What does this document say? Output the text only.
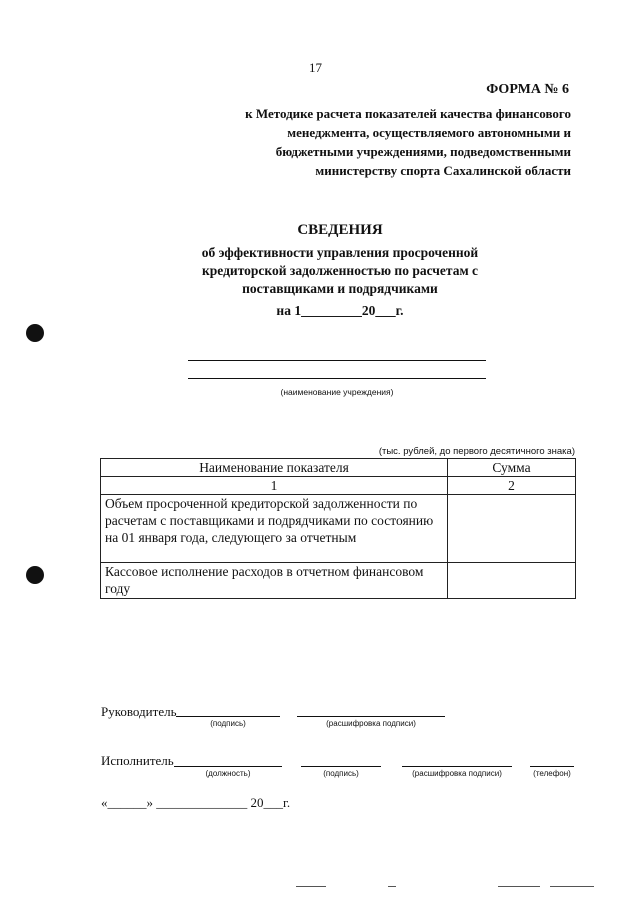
17
ФОРМА № 6
к Методике расчета показателей качества финансового
менеджмента, осуществляемого автономными и
бюджетными учреждениями, подведомственными
министерству спорта Сахалинской области
СВЕДЕНИЯ
об эффективности управления просроченной
кредиторской задолженностью по расчетам с
поставщиками и подрядчиками
на 1_________20___г.
(наименование учреждения)
(тыс. рублей, до первого десятичного знака)
Наименование показателя	Сумма
1	2
Объем просроченной кредиторской задолженности по расчетам с поставщиками и подрядчиками по состоянию на 01 января года, следующего за отчетным	
Кассовое исполнение расходов в отчетном финансовом году	
Руководитель
(подпись)	(расшифровка подписи)
Исполнитель
(должность)	(подпись)	(расшифровка подписи)	(телефон)
«______» ______________ 20___г.
